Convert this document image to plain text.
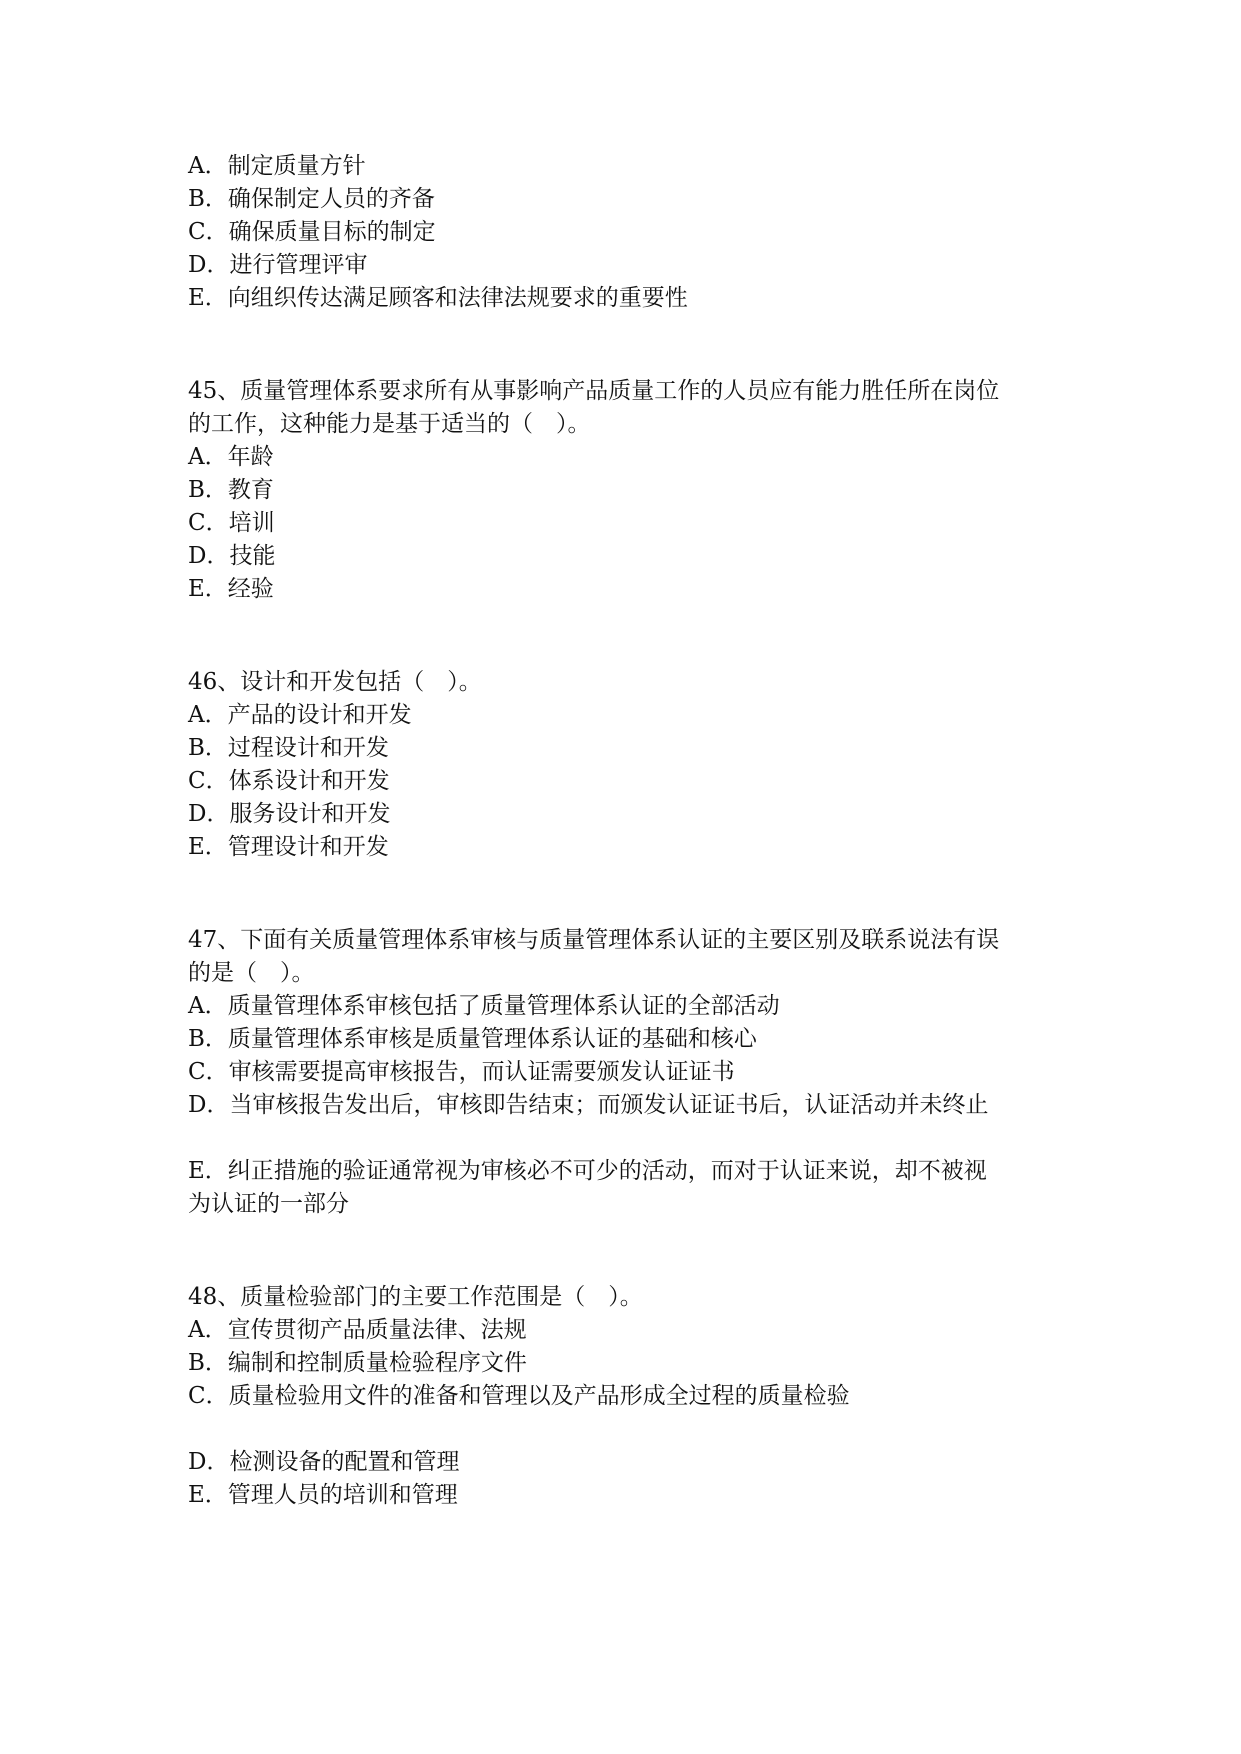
A．制定质量方针
B．确保制定人员的齐备
C．确保质量目标的制定
D．进行管理评审
E．向组织传达满足顾客和法律法规要求的重要性
45、质量管理体系要求所有从事影响产品质量工作的人员应有能力胜任所在岗位
的工作，这种能力是基于适当的（　）。
A．年龄
B．教育
C．培训
D．技能
E．经验
46、设计和开发包括（　）。
A．产品的设计和开发
B．过程设计和开发
C．体系设计和开发
D．服务设计和开发
E．管理设计和开发
47、下面有关质量管理体系审核与质量管理体系认证的主要区别及联系说法有误
的是（　）。
A．质量管理体系审核包括了质量管理体系认证的全部活动
B．质量管理体系审核是质量管理体系认证的基础和核心
C．审核需要提高审核报告，而认证需要颁发认证证书
D．当审核报告发出后，审核即告结束；而颁发认证证书后，认证活动并未终止
E．纠正措施的验证通常视为审核必不可少的活动，而对于认证来说，却不被视
为认证的一部分
48、质量检验部门的主要工作范围是（　）。
A．宣传贯彻产品质量法律、法规
B．编制和控制质量检验程序文件
C．质量检验用文件的准备和管理以及产品形成全过程的质量检验
D．检测设备的配置和管理
E．管理人员的培训和管理
